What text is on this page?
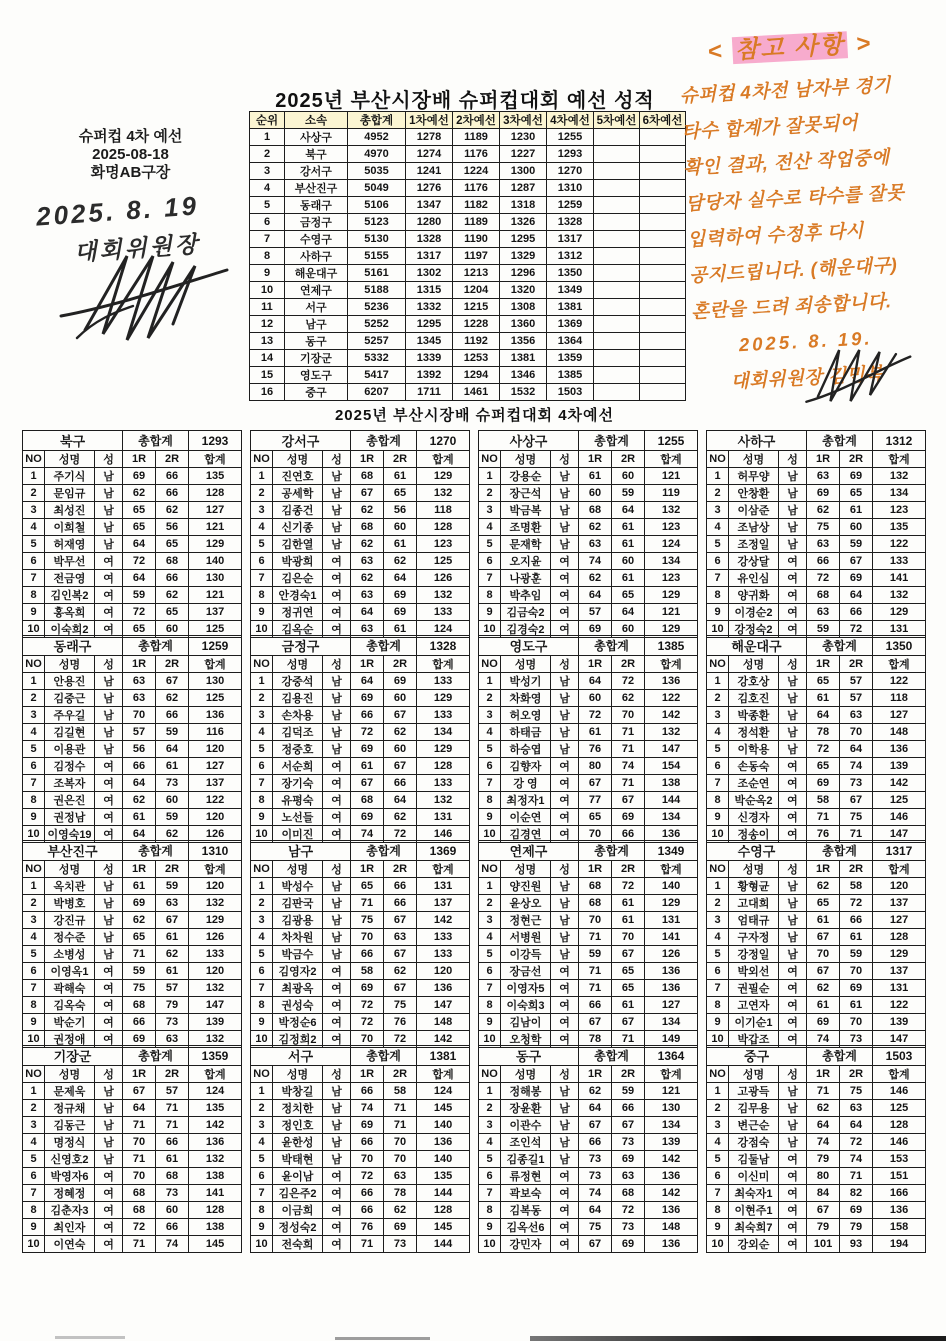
슈퍼컵 4차 예선
2025-08-18
화명AB구장
2025. 8. 19
대회위원장
2025년 부산시장배 슈퍼컵대회 예선 성적
순위	소속	총합계	1차예선	2차예선	3차예선	4차예선	5차예선	6차예선
1	사상구	4952	1278	1189	1230	1255		
2	북구	4970	1274	1176	1227	1293		
3	강서구	5035	1241	1224	1300	1270		
4	부산진구	5049	1276	1176	1287	1310		
5	동래구	5106	1347	1182	1318	1259		
6	금정구	5123	1280	1189	1326	1328		
7	수영구	5130	1328	1190	1295	1317		
8	사하구	5155	1317	1197	1329	1312		
9	해운대구	5161	1302	1213	1296	1350		
10	연제구	5188	1315	1204	1320	1349		
11	서구	5236	1332	1215	1308	1381		
12	남구	5252	1295	1228	1360	1369		
13	동구	5257	1345	1192	1356	1364		
14	기장군	5332	1339	1253	1381	1359		
15	영도구	5417	1392	1294	1346	1385		
16	중구	6207	1711	1461	1532	1503		
< 참고 사항 >
슈퍼컵 4차전 남자부 경기
타수 합계가 잘못되어
확인 결과, 전산 작업중에
담당자 실수로 타수를 잘못
입력하여 수정후 다시
공지드립니다. (해운대구)
혼란을 드려 죄송합니다.
2025. 8. 19.
대회위원장 김민복
2025년 부산시장배 슈퍼컵대회 4차예선
북구			총합계		1293
NO	성명	성	1R	2R	합계
1	주기식	남	69	66	135
2	문임규	남	62	66	128
3	최성진	남	65	62	127
4	이희철	남	65	56	121
5	허재영	남	64	65	129
6	박무선	여	72	68	140
7	전금영	여	64	66	130
8	김인복2	여	59	62	121
9	홍옥희	여	72	65	137
10	이숙희2	여	65	60	125
강서구			총합계		1270
NO	성명	성	1R	2R	합계
1	진연호	남	68	61	129
2	공세학	남	67	65	132
3	김종건	남	62	56	118
4	신기종	남	68	60	128
5	김한열	남	62	61	123
6	박광희	여	63	62	125
7	김은순	여	62	64	126
8	안경숙1	여	63	69	132
9	정귀연	여	64	69	133
10	김옥순	여	63	61	124
사상구			총합계		1255
NO	성명	성	1R	2R	합계
1	강용순	남	61	60	121
2	장근석	남	60	59	119
3	박금복	남	68	64	132
4	조명환	남	62	61	123
5	문재학	남	63	61	124
6	오지윤	여	74	60	134
7	나광훈	여	62	61	123
8	박추임	여	64	65	129
9	김금숙2	여	57	64	121
10	김경숙2	여	69	60	129
사하구			총합계		1312
NO	성명	성	1R	2R	합계
1	허무양	남	63	69	132
2	안창환	남	69	65	134
3	이삼준	남	62	61	123
4	조남상	남	75	60	135
5	조정일	남	63	59	122
6	강상달	여	66	67	133
7	유인심	여	72	69	141
8	양귀화	여	68	64	132
9	이경순2	여	63	66	129
10	강정숙2	여	59	72	131
동래구			총합계		1259
NO	성명	성	1R	2R	합계
1	안용진	남	63	67	130
2	김중근	남	63	62	125
3	주우길	남	70	66	136
4	김길현	남	57	59	116
5	이용관	남	56	64	120
6	김정수	여	66	61	127
7	조복자	여	64	73	137
8	권은진	여	62	60	122
9	권정남	여	61	59	120
10	이영숙19	여	64	62	126
금정구			총합계		1328
NO	성명	성	1R	2R	합계
1	강중석	남	64	69	133
2	김용진	남	69	60	129
3	손차용	남	66	67	133
4	김덕조	남	72	62	134
5	정중호	남	69	60	129
6	서순희	여	61	67	128
7	장기숙	여	67	66	133
8	유평숙	여	68	64	132
9	노선들	여	69	62	131
10	이미진	여	74	72	146
영도구			총합계		1385
NO	성명	성	1R	2R	합계
1	박성기	남	64	72	136
2	차화영	남	60	62	122
3	허오영	남	72	70	142
4	하태금	남	61	71	132
5	하승엽	남	76	71	147
6	김향자	여	80	74	154
7	강 영	여	67	71	138
8	최정자1	여	77	67	144
9	이순연	여	65	69	134
10	김경연	여	70	66	136
해운대구			총합계		1350
NO	성명	성	1R	2R	합계
1	강호상	남	65	57	122
2	김호진	남	61	57	118
3	박종환	남	64	63	127
4	정석환	남	78	70	148
5	이학용	남	72	64	136
6	손동숙	여	65	74	139
7	조순연	여	69	73	142
8	박순옥2	여	58	67	125
9	신경자	여	71	75	146
10	정송이	여	76	71	147
부산진구			총합계		1310
NO	성명	성	1R	2R	합계
1	옥치관	남	61	59	120
2	박병호	남	69	63	132
3	강진규	남	62	67	129
4	정수준	남	65	61	126
5	소병성	남	71	62	133
6	이영옥1	여	59	61	120
7	곽해숙	여	75	57	132
8	김옥숙	여	68	79	147
9	박순기	여	66	73	139
10	권정애	여	69	63	132
남구			총합계		1369
NO	성명	성	1R	2R	합계
1	박성수	남	65	66	131
2	김판국	남	71	66	137
3	김광용	남	75	67	142
4	차차원	남	70	63	133
5	박금수	남	66	67	133
6	김영자2	여	58	62	120
7	최광옥	여	69	67	136
8	권성숙	여	72	75	147
9	박정순6	여	72	76	148
10	김정희2	여	70	72	142
연제구			총합계		1349
NO	성명	성	1R	2R	합계
1	양진원	남	68	72	140
2	윤상오	남	68	61	129
3	정현근	남	70	61	131
4	서병원	남	71	70	141
5	이강득	남	59	67	126
6	장금선	여	71	65	136
7	이영자5	여	71	65	136
8	이숙희3	여	66	61	127
9	김남이	여	67	67	134
10	오청학	여	78	71	149
수영구			총합계		1317
NO	성명	성	1R	2R	합계
1	황형균	남	62	58	120
2	고대희	남	65	72	137
3	엄태규	남	61	66	127
4	구자정	남	67	61	128
5	강정일	남	70	59	129
6	박외선	여	67	70	137
7	권필순	여	62	69	131
8	고연자	여	61	61	122
9	이기순1	여	69	70	139
10	박갑조	여	74	73	147
기장군			총합계		1359
NO	성명	성	1R	2R	합계
1	문제욱	남	67	57	124
2	정규채	남	64	71	135
3	김동근	남	71	71	142
4	명정식	남	70	66	136
5	신영호2	남	71	61	132
6	박영자6	여	70	68	138
7	정혜정	여	68	73	141
8	김춘자3	여	68	60	128
9	최인자	여	72	66	138
10	이연숙	여	71	74	145
서구			총합계		1381
NO	성명	성	1R	2R	합계
1	박창길	남	66	58	124
2	정치한	남	74	71	145
3	정인호	남	69	71	140
4	윤한성	남	66	70	136
5	박태현	남	70	70	140
6	윤이남	여	72	63	135
7	김은주2	여	66	78	144
8	이금희	여	66	62	128
9	정성숙2	여	76	69	145
10	전숙희	여	71	73	144
동구			총합계		1364
NO	성명	성	1R	2R	합계
1	정해봉	남	62	59	121
2	장윤환	남	64	66	130
3	이관수	남	67	67	134
4	조인석	남	66	73	139
5	김종길1	남	73	69	142
6	류정현	여	73	63	136
7	곽보숙	여	74	68	142
8	김복동	여	64	72	136
9	김옥선6	여	75	73	148
10	강민자	여	67	69	136
중구			총합계		1503
NO	성명	성	1R	2R	합계
1	고광득	남	71	75	146
2	김무용	남	62	63	125
3	변근순	남	64	64	128
4	강점숙	남	74	72	146
5	김둘남	여	79	74	153
6	이신미	여	80	71	151
7	최숙자1	여	84	82	166
8	이현주1	여	67	69	136
9	최숙희7	여	79	79	158
10	강외순	여	101	93	194
